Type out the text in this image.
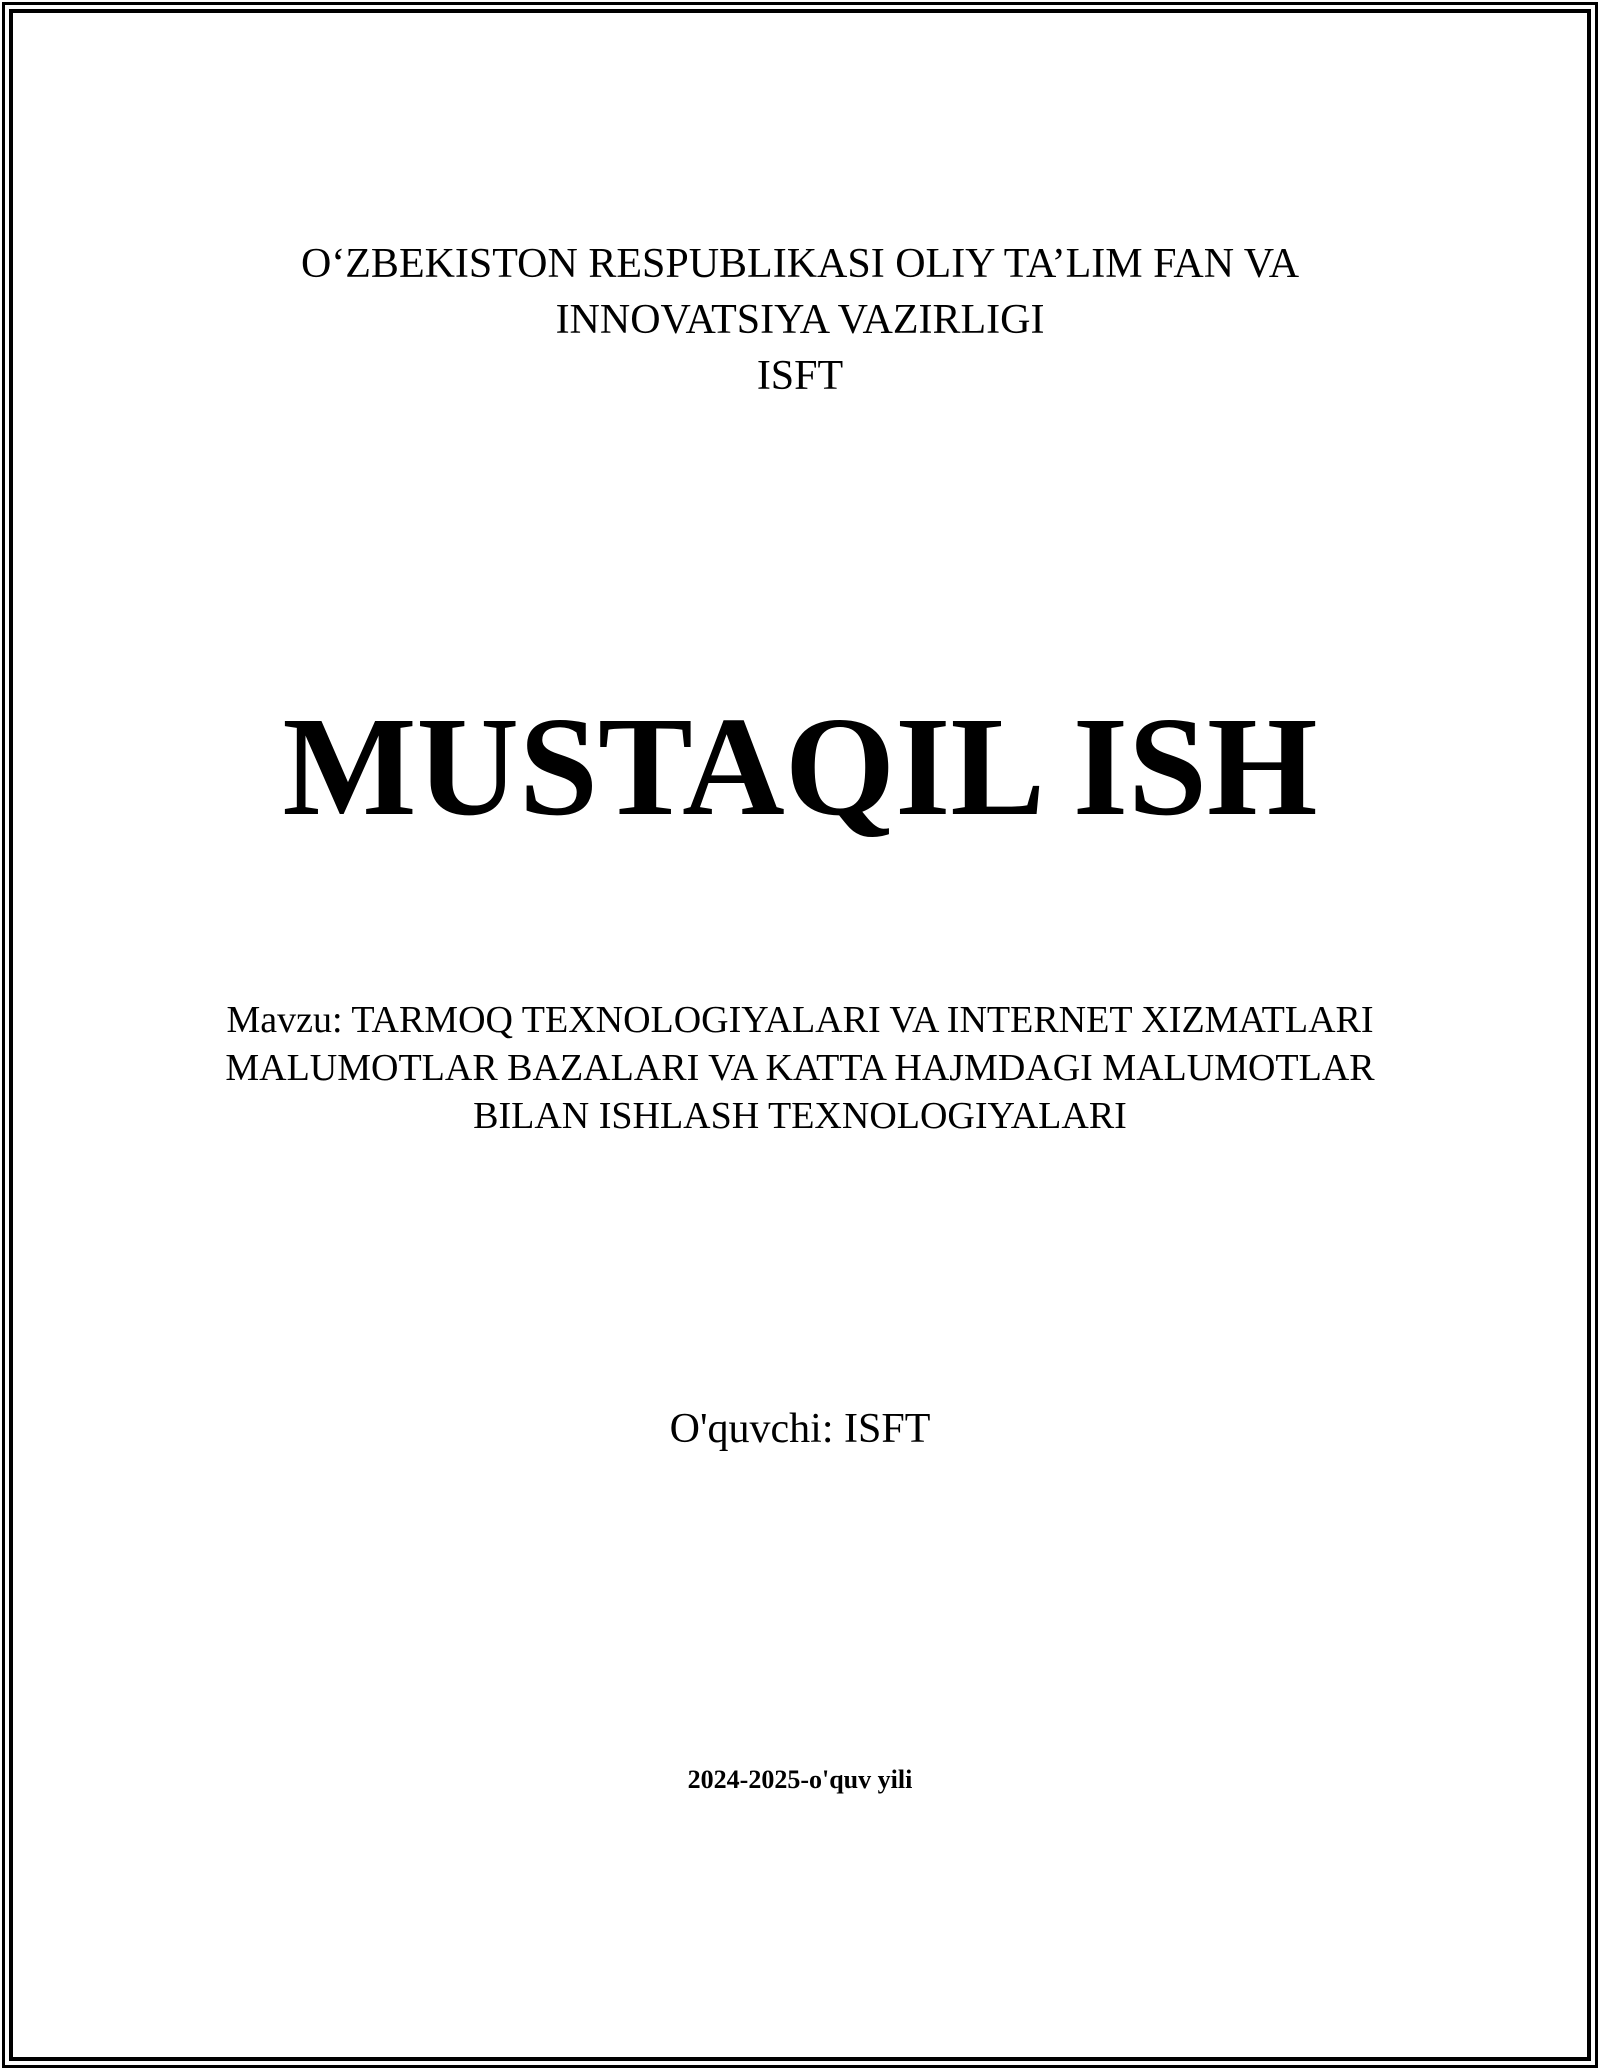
O‘ZBEKISTON RESPUBLIKASI OLIY TA’LIM FAN VA
INNOVATSIYA VAZIRLIGI
ISFT
MUSTAQIL ISH
Mavzu: TARMOQ TEXNOLOGIYALARI VA INTERNET XIZMATLARI
MALUMOTLAR BAZALARI VA KATTA HAJMDAGI MALUMOTLAR
BILAN ISHLASH TEXNOLOGIYALARI
O'quvchi: ISFT
2024-2025-o'quv yili
